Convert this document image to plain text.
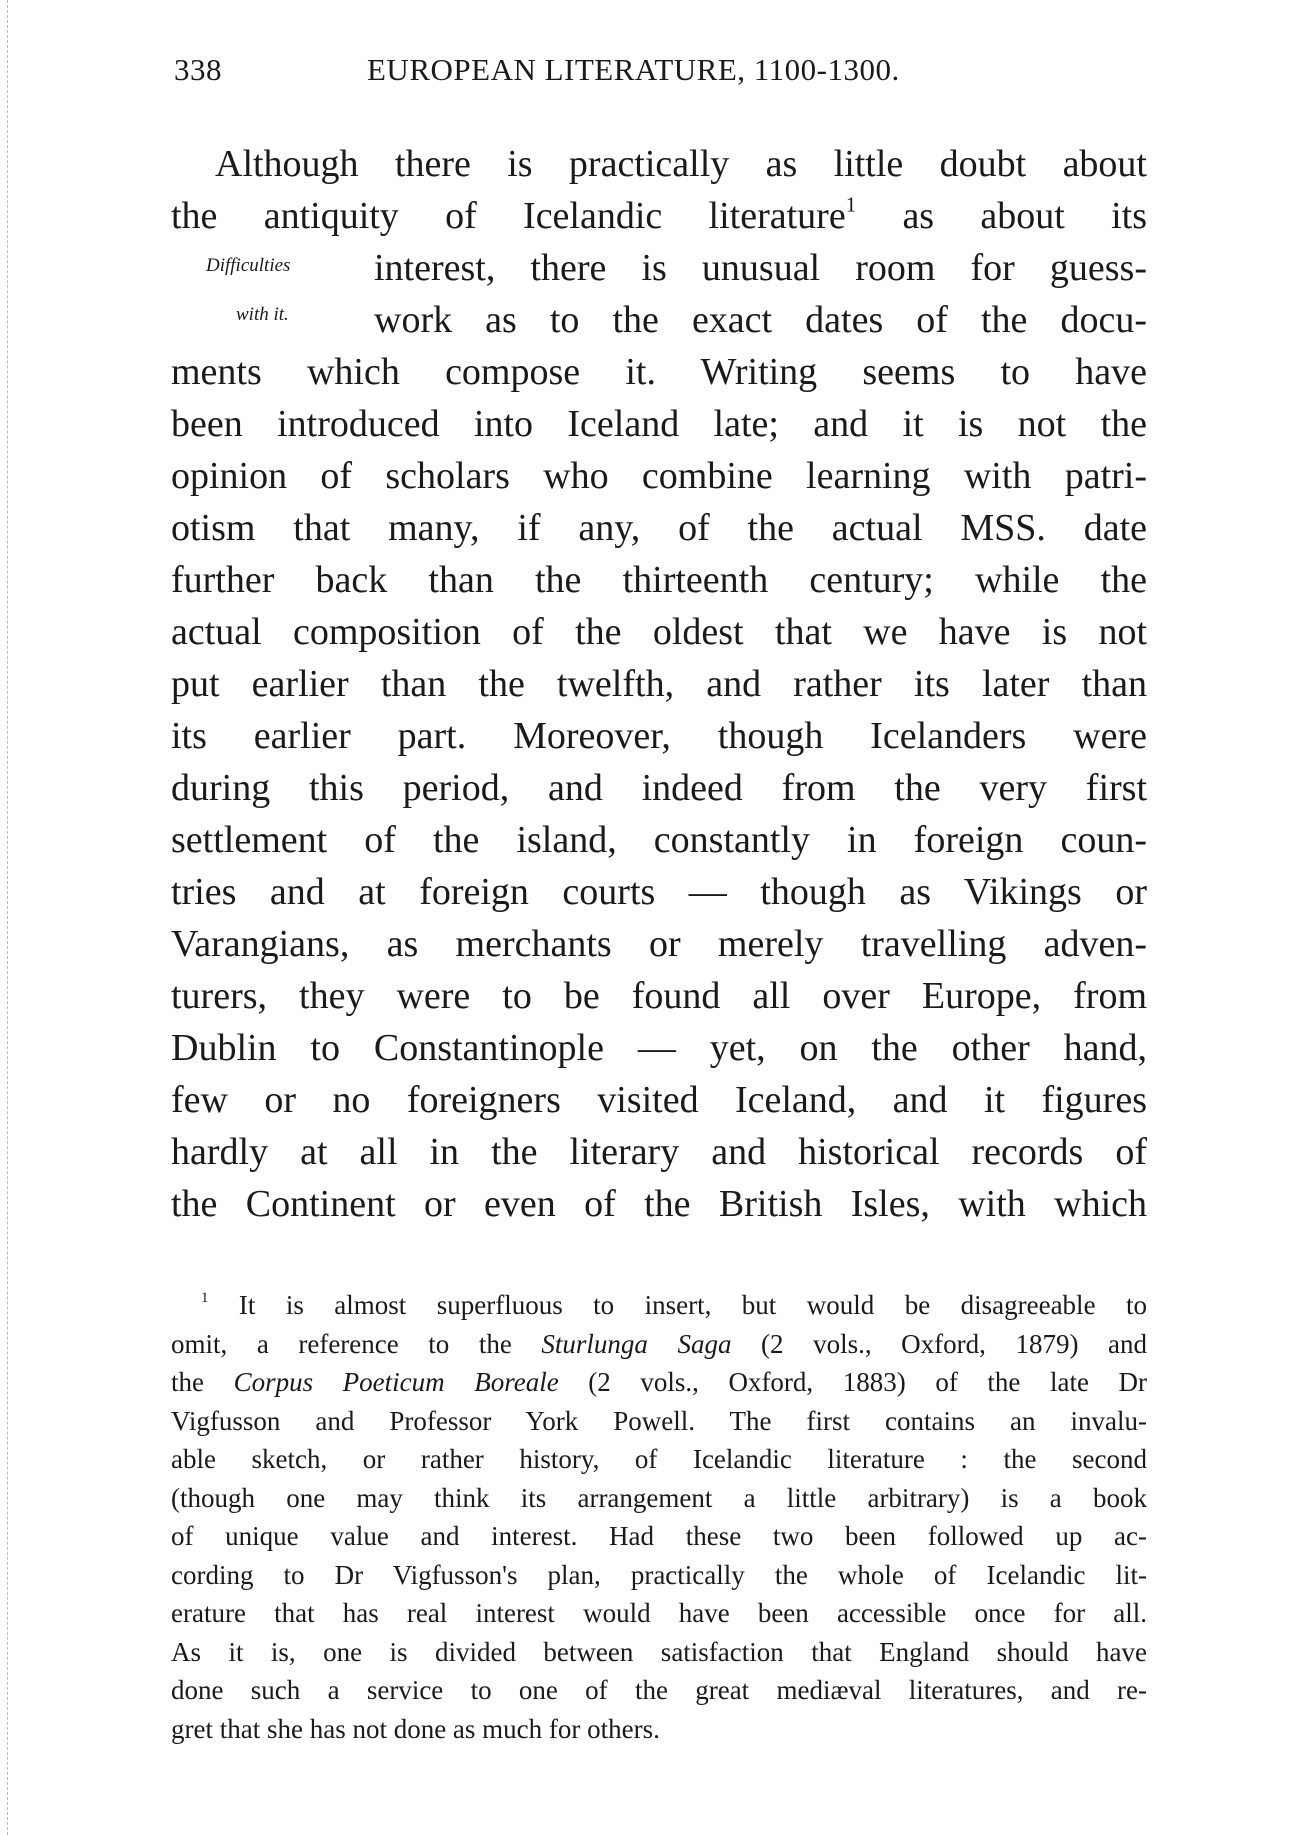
338	EUROPEAN LITERATURE, 1100-1300.
Difficulties
with it.
Although there is practically as little doubt about
the antiquity of Icelandic literature$^1$ as about its
interest, there is unusual room for guess-
work as to the exact dates of the docu-
ments which compose it. Writing seems to have
been introduced into Iceland late; and it is not the
opinion of scholars who combine learning with patri-
otism that many, if any, of the actual MSS. date
further back than the thirteenth century; while the
actual composition of the oldest that we have is not
put earlier than the twelfth, and rather its later than
its earlier part. Moreover, though Icelanders were
during this period, and indeed from the very first
settlement of the island, constantly in foreign coun-
tries and at foreign courts — though as Vikings or
Varangians, as merchants or merely travelling adven-
turers, they were to be found all over Europe, from
Dublin to Constantinople — yet, on the other hand,
few or no foreigners visited Iceland, and it figures
hardly at all in the literary and historical records of
the Continent or even of the British Isles, with which
$^1$ It is almost superfluous to insert, but would be disagreeable to
omit, a reference to the Sturlunga Saga (2 vols., Oxford, 1879) and
the Corpus Poeticum Boreale (2 vols., Oxford, 1883) of the late Dr
Vigfusson and Professor York Powell. The first contains an invalu-
able sketch, or rather history, of Icelandic literature : the second
(though one may think its arrangement a little arbitrary) is a book
of unique value and interest. Had these two been followed up ac-
cording to Dr Vigfusson's plan, practically the whole of Icelandic lit-
erature that has real interest would have been accessible once for all.
As it is, one is divided between satisfaction that England should have
done such a service to one of the great mediæval literatures, and re-
gret that she has not done as much for others.
